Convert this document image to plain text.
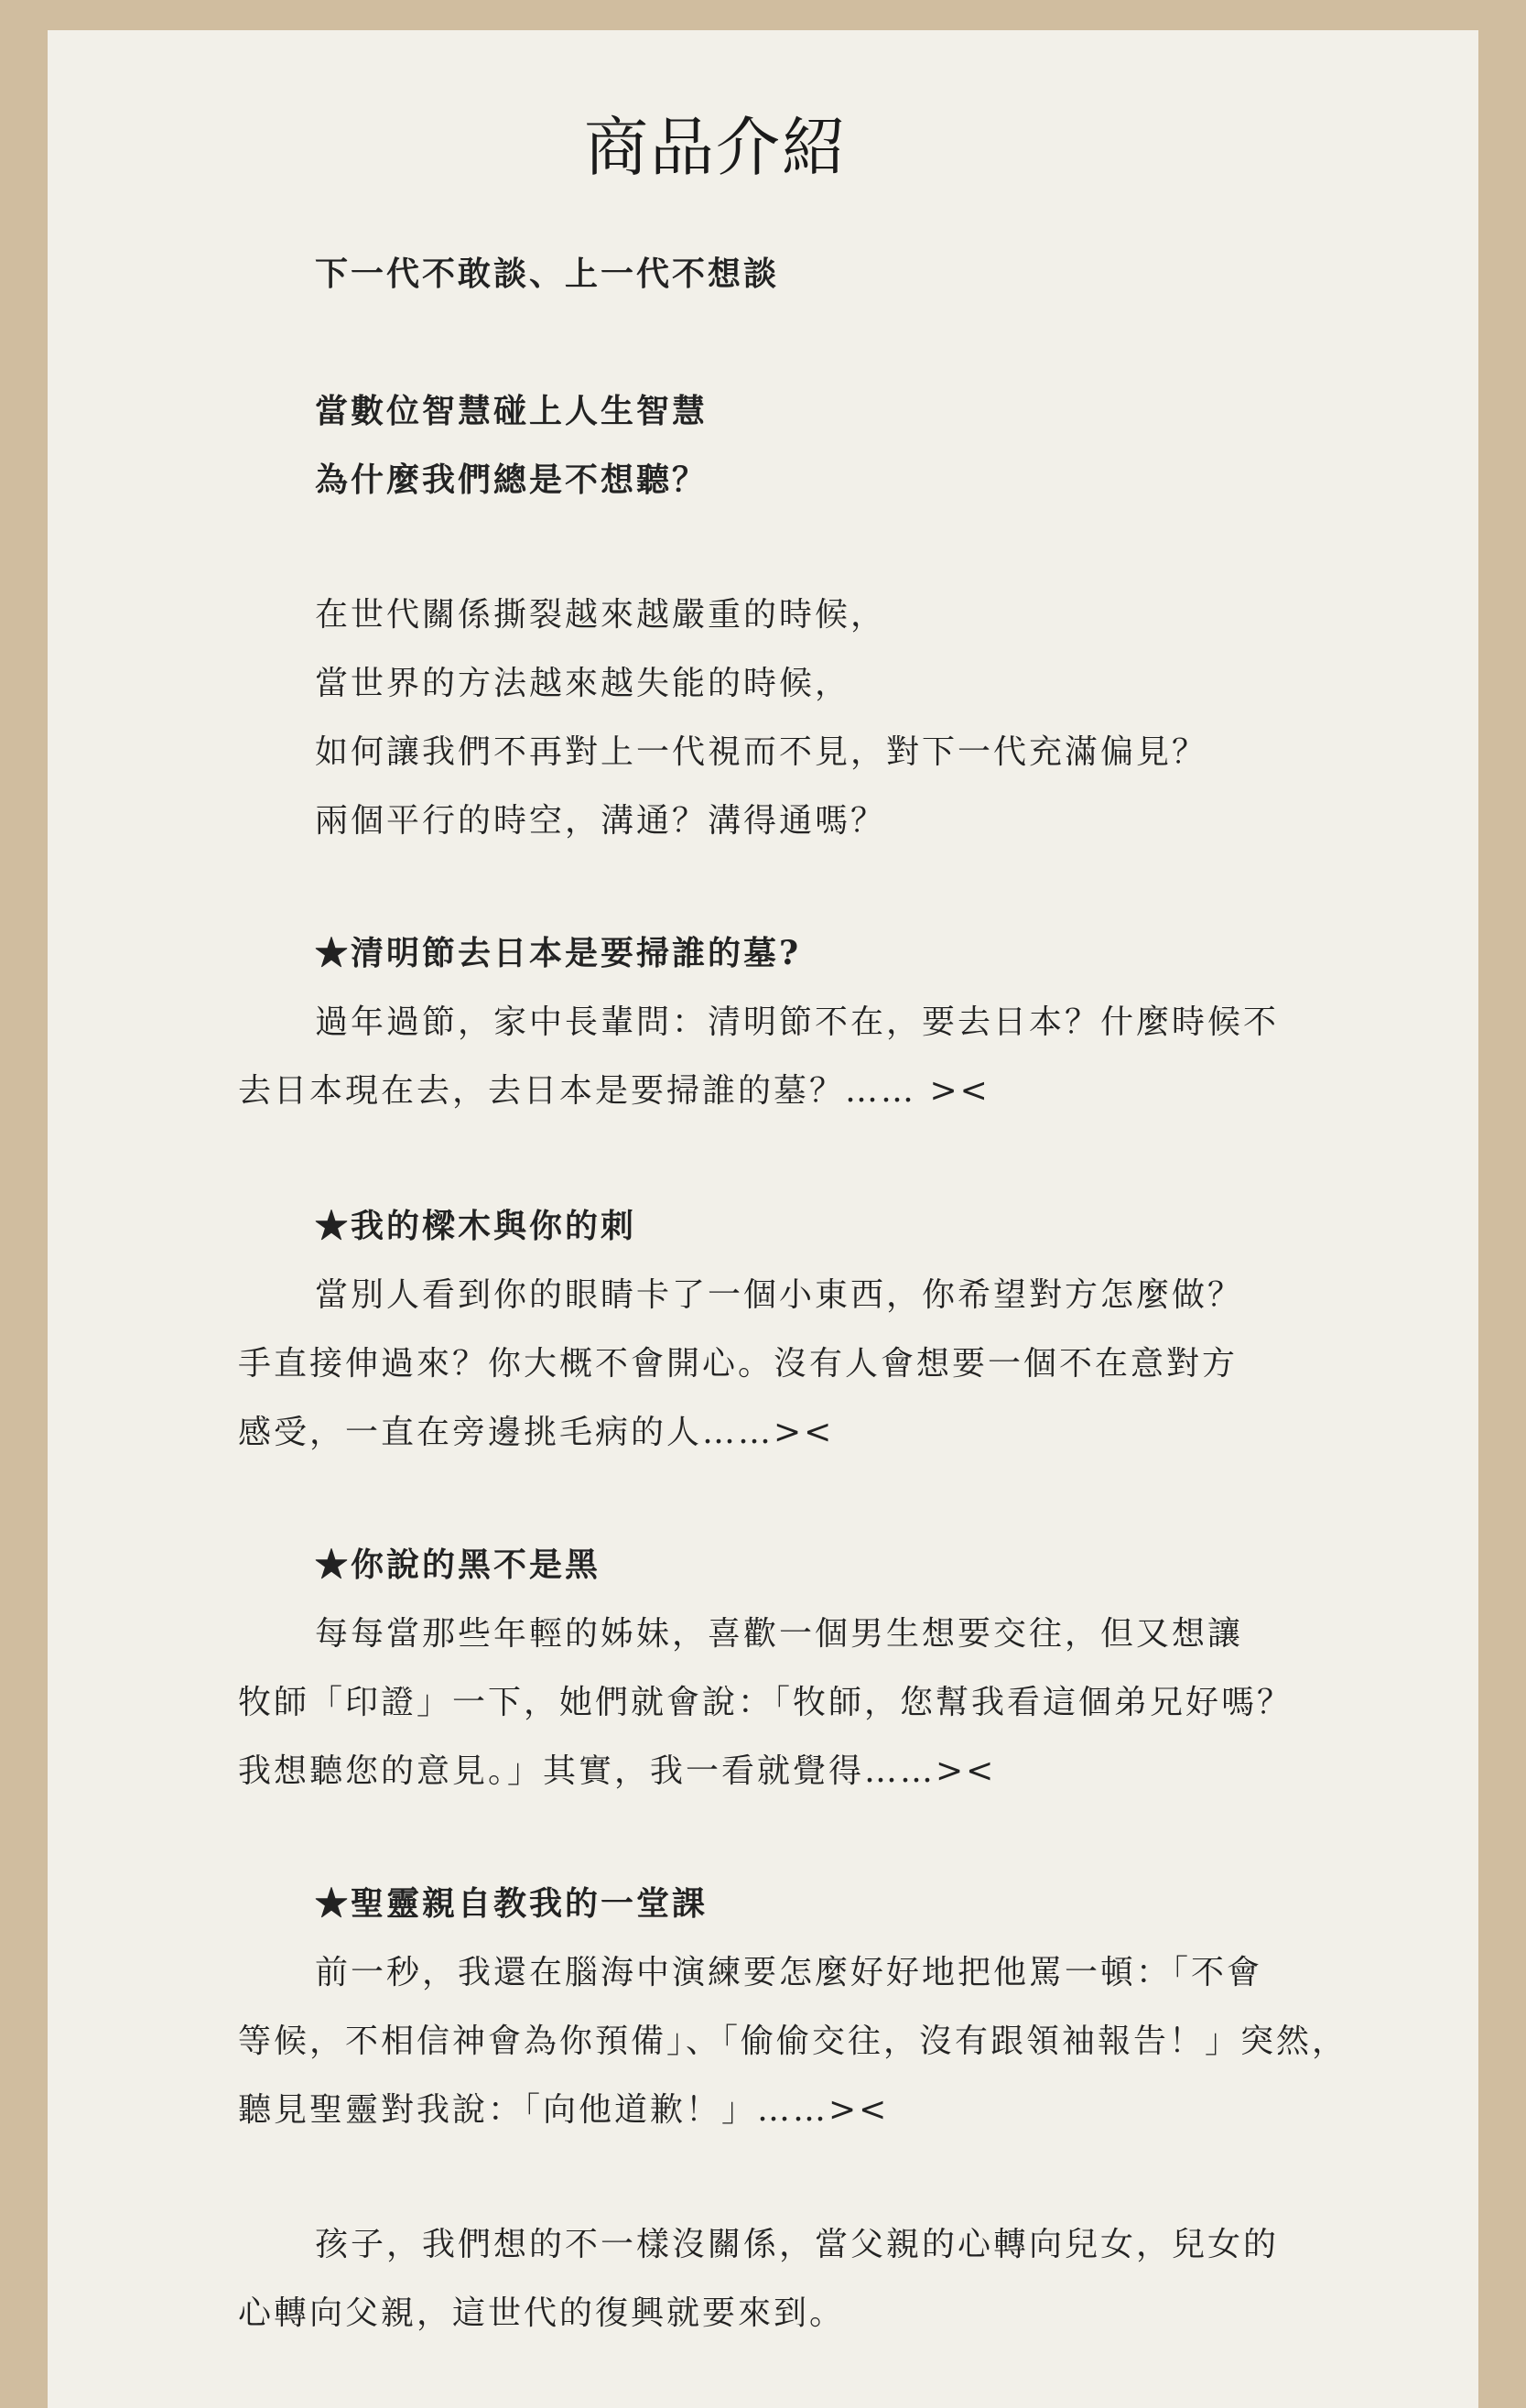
商品介紹
下一代不敢談、上一代不想談
當數位智慧碰上人生智慧
為什麼我們總是不想聽？
在世代關係撕裂越來越嚴重的時候，
當世界的方法越來越失能的時候，
如何讓我們不再對上一代視而不見，對下一代充滿偏見？
兩個平行的時空，溝通？溝得通嗎？
★清明節去日本是要掃誰的墓?
過年過節，家中長輩問：清明節不在，要去日本？什麼時候不
去日本現在去，去日本是要掃誰的墓？…… ><
★我的樑木與你的刺
當別人看到你的眼睛卡了一個小東西，你希望對方怎麼做？
手直接伸過來？你大概不會開心。沒有人會想要一個不在意對方
感受，一直在旁邊挑毛病的人……><
★你說的黑不是黑
每每當那些年輕的姊妹，喜歡一個男生想要交往，但又想讓
牧師「印證」一下，她們就會說：「牧師，您幫我看這個弟兄好嗎？
我想聽您的意見。」其實，我一看就覺得……><
★聖靈親自教我的一堂課
前一秒，我還在腦海中演練要怎麼好好地把他罵一頓：「不會
等候，不相信神會為你預備」、「偷偷交往，沒有跟領袖報告！」突然，
聽見聖靈對我說：「向他道歉！」……><
孩子，我們想的不一樣沒關係，當父親的心轉向兒女，兒女的
心轉向父親，這世代的復興就要來到。
